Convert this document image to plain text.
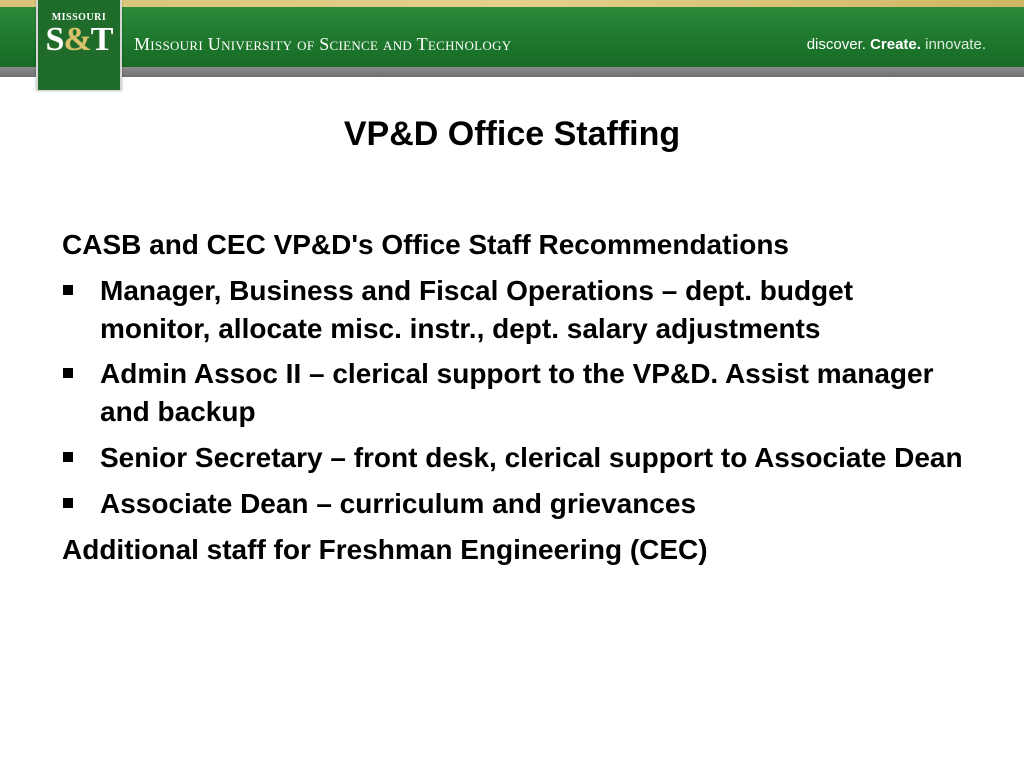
MISSOURI
S&T	Missouri University of Science and Technology	discover. Create. innovate.
VP&D Office Staffing
CASB and CEC VP&D's Office Staff Recommendations
Manager, Business and Fiscal Operations – dept. budget monitor, allocate misc. instr., dept. salary adjustments
Admin Assoc II – clerical support to the VP&D. Assist manager and backup
Senior Secretary – front desk, clerical support to Associate Dean
Associate Dean – curriculum and grievances
Additional staff for Freshman Engineering (CEC)
